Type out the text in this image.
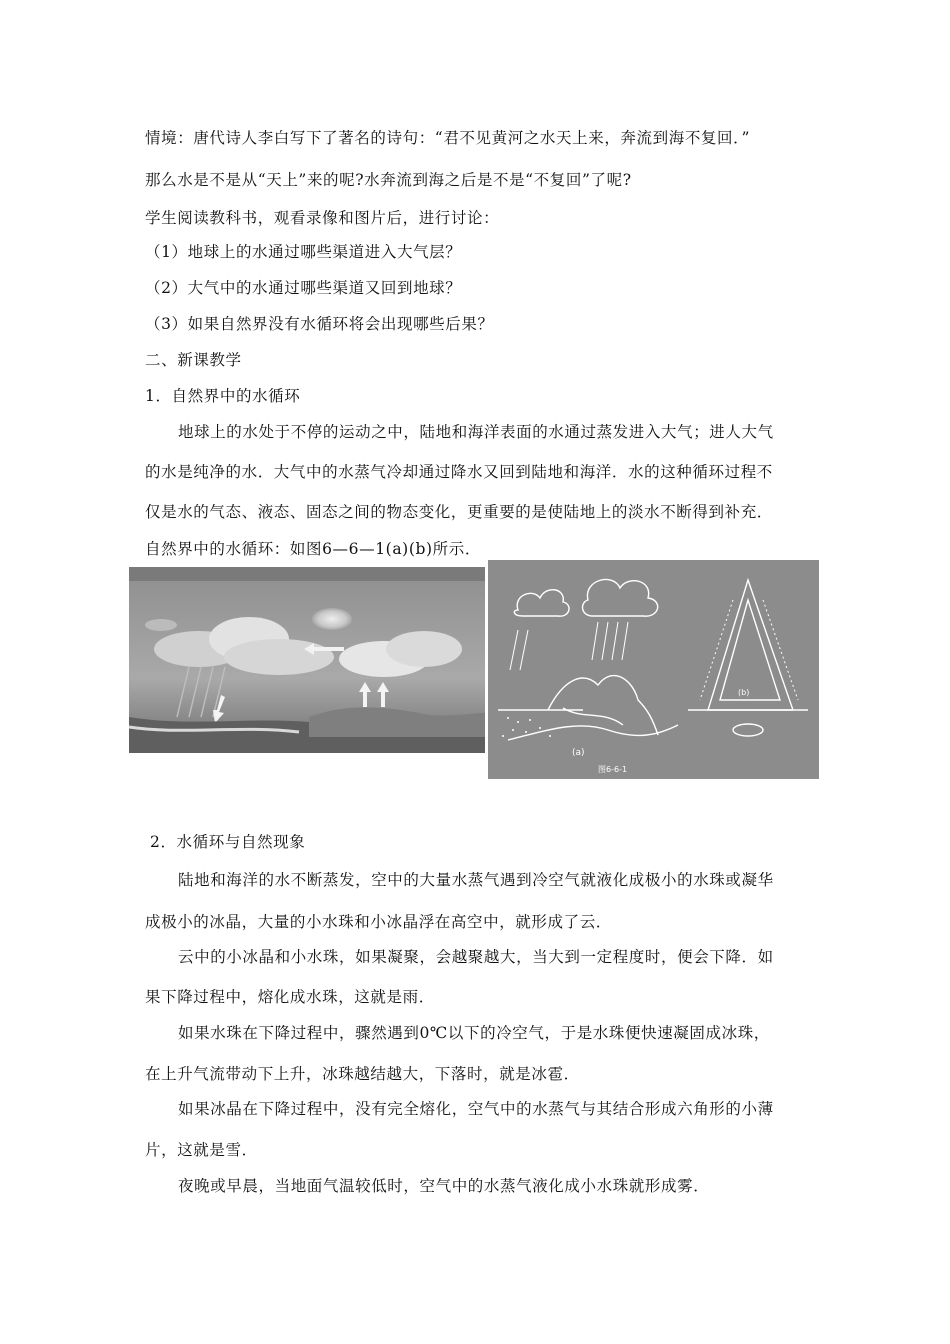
情境：唐代诗人李白写下了著名的诗句：“君不见黄河之水天上来，奔流到海不复回．”
那么水是不是从“天上”来的呢?水奔流到海之后是不是“不复回”了呢?
学生阅读教科书，观看录像和图片后，进行讨论：
（1）地球上的水通过哪些渠道进入大气层？
（2）大气中的水通过哪些渠道又回到地球？
（3）如果自然界没有水循环将会出现哪些后果？
二、新课教学
1．自然界中的水循环
地球上的水处于不停的运动之中，陆地和海洋表面的水通过蒸发进入大气；进人大气
的水是纯净的水．大气中的水蒸气冷却通过降水又回到陆地和海洋．水的这种循环过程不
仅是水的气态、液态、固态之间的物态变化，更重要的是使陆地上的淡水不断得到补充．
自然界中的水循环：如图6—6—1(a)(b)所示．
(a)
(b)
图6-6-1
2．水循环与自然现象
陆地和海洋的水不断蒸发，空中的大量水蒸气遇到冷空气就液化成极小的水珠或凝华
成极小的冰晶，大量的小水珠和小冰晶浮在高空中，就形成了云．
云中的小冰晶和小水珠，如果凝聚，会越聚越大，当大到一定程度时，便会下降．如
果下降过程中，熔化成水珠，这就是雨．
如果水珠在下降过程中，骤然遇到0℃以下的冷空气，于是水珠便快速凝固成冰珠，
在上升气流带动下上升，冰珠越结越大，下落时，就是冰雹．
如果冰晶在下降过程中，没有完全熔化，空气中的水蒸气与其结合形成六角形的小薄
片，这就是雪．
夜晚或早晨，当地面气温较低时，空气中的水蒸气液化成小水珠就形成雾．
